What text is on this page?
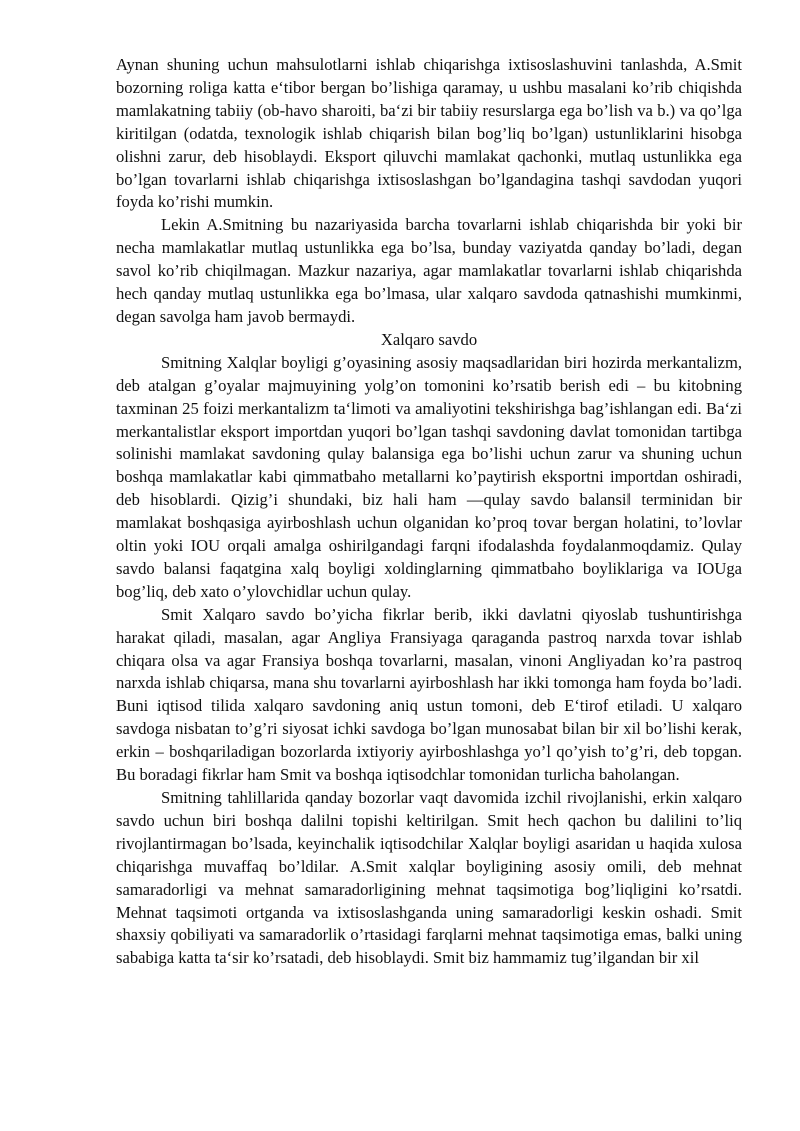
Aynan shuning uchun mahsulotlarni ishlab chiqarishga ixtisoslashuvini tanlashda, A.Smit bozorning roliga katta e‘tibor bergan bo’lishiga qaramay, u ushbu masalani ko’rib chiqishda mamlakatning tabiiy (ob-havo sharoiti, ba‘zi bir tabiiy resurslarga ega bo’lish va b.) va qo’lga kiritilgan (odatda, texnologik ishlab chiqarish bilan bog’liq bo’lgan) ustunliklarini hisobga olishni zarur, deb hisoblaydi. Eksport qiluvchi mamlakat qachonki, mutlaq ustunlikka ega bo’lgan tovarlarni ishlab chiqarishga ixtisoslashgan bo’lgandagina tashqi savdodan yuqori foyda ko’rishi mumkin.

Lekin A.Smitning bu nazariyasida barcha tovarlarni ishlab chiqarishda bir yoki bir necha mamlakatlar mutlaq ustunlikka ega bo’lsa, bunday vaziyatda qanday bo’ladi, degan savol ko’rib chiqilmagan. Mazkur nazariya, agar mamlakatlar tovarlarni ishlab chiqarishda hech qanday mutlaq ustunlikka ega bo’lmasa, ular xalqaro savdoda qatnashishi mumkinmi, degan savolga ham javob bermaydi.

Xalqaro savdo

Smitning Xalqlar boyligi g’oyasining asosiy maqsadlaridan biri hozirda merkantalizm, deb atalgan g’oyalar majmuyining yolg’on tomonini ko’rsatib berish edi – bu kitobning taxminan 25 foizi merkantalizm ta‘limoti va amaliyotini tekshirishga bag’ishlangan edi. Ba‘zi merkantalistlar eksport importdan yuqori bo’lgan tashqi savdoning davlat tomonidan tartibga solinishi mamlakat savdoning qulay balansiga ega bo’lishi uchun zarur va shuning uchun boshqa mamlakatlar kabi qimmatbaho metallarni ko’paytirish eksportni importdan oshiradi, deb hisoblardi. Qizig’i shundaki, biz hali ham ―qulay savdo balansi‖ terminidan bir mamlakat boshqasiga ayirboshlash uchun olganidan ko’proq tovar bergan holatini, to’lovlar oltin yoki IOU orqali amalga oshirilgandagi farqni ifodalashda foydalanmoqdamiz. Qulay savdo balansi faqatgina xalq boyligi xoldinglarning qimmatbaho boyliklariga va IOUga bog’liq, deb xato o’ylovchidlar uchun qulay.

Smit Xalqaro savdo bo’yicha fikrlar berib, ikki davlatni qiyoslab tushuntirishga harakat qiladi, masalan, agar Angliya Fransiyaga qaraganda pastroq narxda tovar ishlab chiqara olsa va agar Fransiya boshqa tovarlarni, masalan, vinoni Angliyadan ko’ra pastroq narxda ishlab chiqarsa, mana shu tovarlarni ayirboshlash har ikki tomonga ham foyda bo’ladi. Buni iqtisod tilida xalqaro savdoning aniq ustun tomoni, deb E‘tirof etiladi. U xalqaro savdoga nisbatan to’g’ri siyosat ichki savdoga bo’lgan munosabat bilan bir xil bo’lishi kerak, erkin – boshqariladigan bozorlarda ixtiyoriy ayirboshlashga yo’l qo’yish to’g’ri, deb topgan. Bu boradagi fikrlar ham Smit va boshqa iqtisodchlar tomonidan turlicha baholangan.

Smitning tahlillarida qanday bozorlar vaqt davomida izchil rivojlanishi, erkin xalqaro savdo uchun biri boshqa dalilni topishi keltirilgan. Smit hech qachon bu dalilini to’liq rivojlantirmagan bo’lsada, keyinchalik iqtisodchilar Xalqlar boyligi asaridan u haqida xulosa chiqarishga muvaffaq bo’ldilar. A.Smit xalqlar boyligining asosiy omili, deb mehnat samaradorligi va mehnat samaradorligining mehnat taqsimotiga bog’liqligini ko’rsatdi. Mehnat taqsimoti ortganda va ixtisoslashganda uning samaradorligi keskin oshadi. Smit shaxsiy qobiliyati va samaradorlik o’rtasidagi farqlarni mehnat taqsimotiga emas, balki uning sababiga katta ta‘sir ko’rsatadi, deb hisoblaydi. Smit biz hammamiz tug’ilgandan bir xil
